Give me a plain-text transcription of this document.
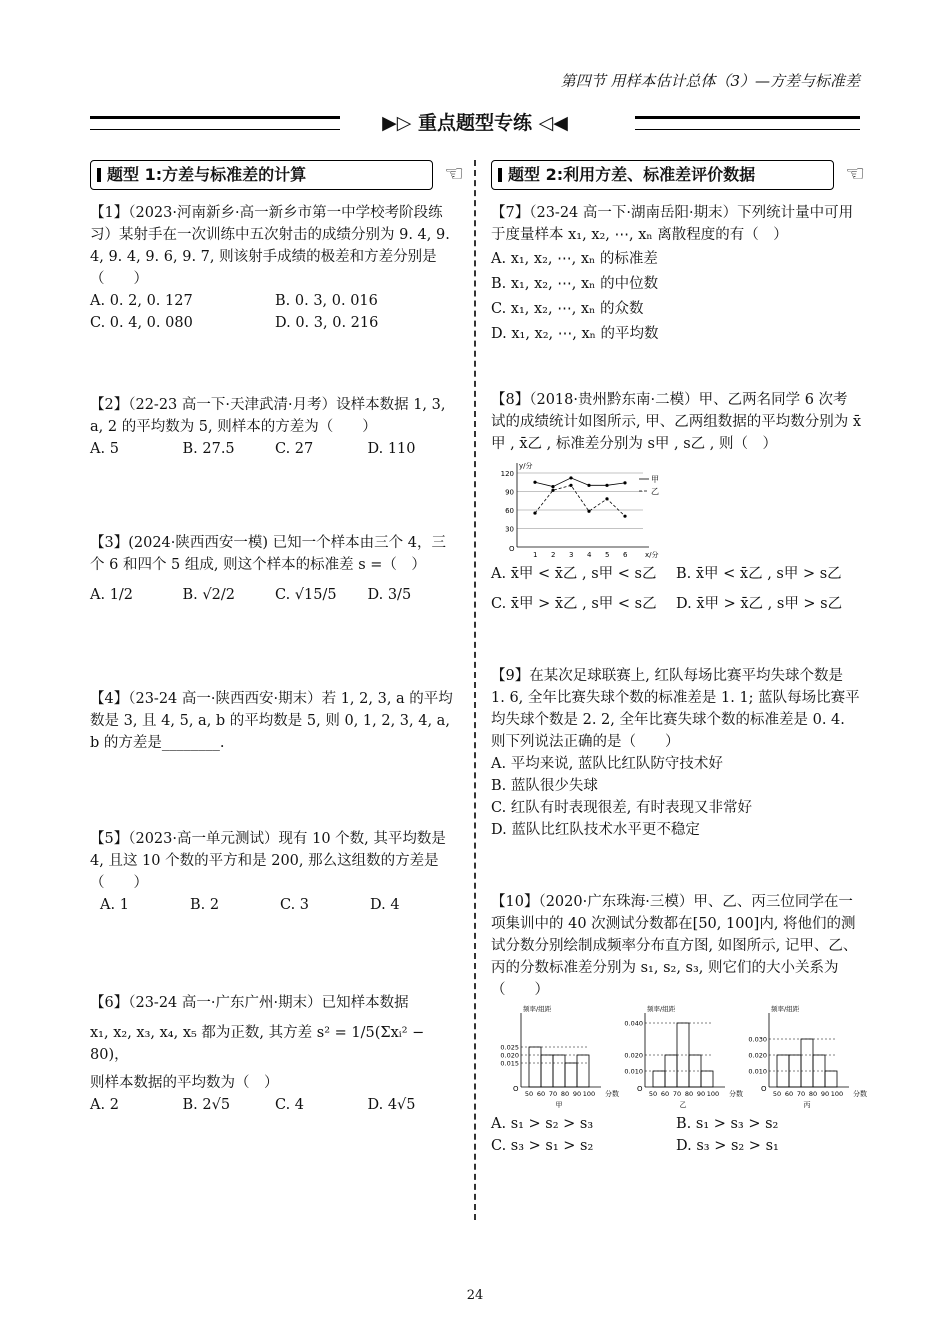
第四节 用样本估计总体（3）—方差与标准差
▶▷ 重点题型专练 ◁◀
题型 1:方差与标准差的计算	☜

【1】（2023·河南新乡·高一新乡市第一中学校考阶段练习）某射手在一次训练中五次射击的成绩分别为 9. 4, 9. 4, 9. 4, 9. 6, 9. 7, 则该射手成绩的极差和方差分别是（　　）

A. 0. 2, 0. 127	B. 0. 3, 0. 016
C. 0. 4, 0. 080	D. 0. 3, 0. 216

【2】（22-23 高一下·天津武清·月考）设样本数据 1, 3, a, 2 的平均数为 5, 则样本的方差为（　　）

A. 5	B. 27.5	C. 27	D. 110

【3】(2024·陕西西安一模) 已知一个样本由三个 4，三个 6 和四个 5 组成, 则这个样本的标准差 s =（　）

A. 1/2	B. √2/2	C. √15/5	D. 3/5

【4】（23-24 高一·陕西西安·期末）若 1, 2, 3, a 的平均数是 3, 且 4, 5, a, b 的平均数是 5, 则 0, 1, 2, 3, 4, a, b 的方差是________.

【5】（2023·高一单元测试）现有 10 个数, 其平均数是 4, 且这 10 个数的平方和是 200, 那么这组数的方差是（　　）

A. 1	B. 2	C. 3	D. 4

【6】（23-24 高一·广东广州·期末）已知样本数据

x₁, x₂, x₃, x₄, x₅ 都为正数, 其方差 s² = 1/5(Σxᵢ² − 80)，

则样本数据的平均数为（　）

A. 2	B. 2√5	C. 4	D. 4√5
题型 2:利用方差、标准差评价数据	☜

【7】（23-24 高一下·湖南岳阳·期末）下列统计量中可用于度量样本 x₁, x₂, ⋯, xₙ 离散程度的有（　）

A. x₁, x₂, ⋯, xₙ 的标准差

B. x₁, x₂, ⋯, xₙ 的中位数

C. x₁, x₂, ⋯, xₙ 的众数

D. x₁, x₂, ⋯, xₙ 的平均数

【8】（2018·贵州黔东南·二模）甲、乙两名同学 6 次考试的成绩统计如图所示, 甲、乙两组数据的平均数分别为 x̄甲 , x̄乙 , 标准差分别为 s甲 , s乙 , 则（　）

30
60
90
120
y/分
x/分
O
1 2 3 4 5 6
甲
乙
A. x̄甲 < x̄乙 , s甲 < s乙	B. x̄甲 < x̄乙 , s甲 > s乙
C. x̄甲 > x̄乙 , s甲 < s乙	D. x̄甲 > x̄乙 , s甲 > s乙

【9】在某次足球联赛上, 红队每场比赛平均失球个数是 1. 6, 全年比赛失球个数的标准差是 1. 1; 蓝队每场比赛平均失球个数是 2. 2, 全年比赛失球个数的标准差是 0. 4. 则下列说法正确的是（　　）

A. 平均来说, 蓝队比红队防守技术好

B. 蓝队很少失球

C. 红队有时表现很差, 有时表现又非常好

D. 蓝队比红队技术水平更不稳定

【10】（2020·广东珠海·三模）甲、乙、丙三位同学在一项集训中的 40 次测试分数都在[50, 100]内, 将他们的测试分数分别绘制成频率分布直方图, 如图所示, 记甲、乙、丙的分数标准差分别为 s₁, s₂, s₃, 则它们的大小关系为（　　）

频率/组距
O
0.015
0.020
0.025
50 60 70 80 90 100 分数
甲
频率/组距
O
0.010
0.020
0.040
50 60 70 80 90 100 分数
乙
频率/组距
O
0.010
0.020
0.030
50 60 70 80 90 100 分数
丙
A. s₁ > s₂ > s₃	B. s₁ > s₃ > s₂
C. s₃ > s₁ > s₂	D. s₃ > s₂ > s₁
24
